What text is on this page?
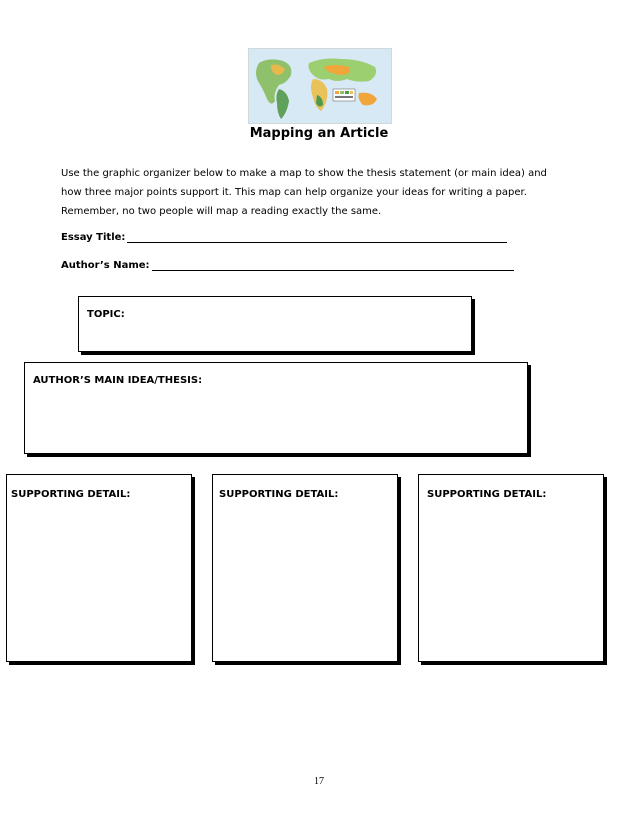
Mapping an Article
Use the graphic organizer below to make a map to show the thesis statement (or main idea) and
how three major points support it. This map can help organize your ideas for writing a paper.
Remember, no two people will map a reading exactly the same.
Essay Title:
Author’s Name:
TOPIC:
AUTHOR’S MAIN IDEA/THESIS:
SUPPORTING DETAIL:	SUPPORTING DETAIL:	SUPPORTING DETAIL:
17
